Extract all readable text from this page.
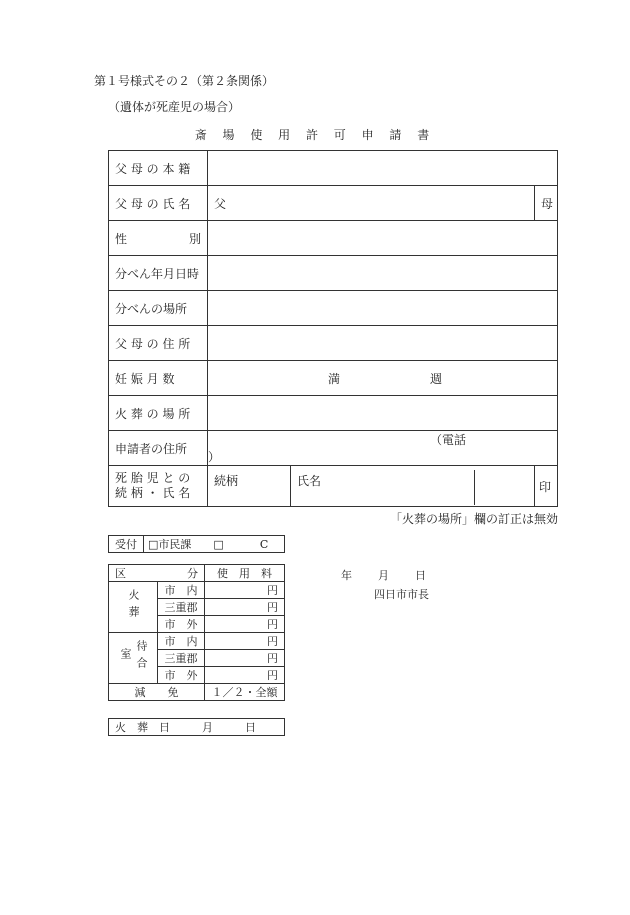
第１号様式その２（第２条関係）
（遺体が死産児の場合）
斎 場 使 用 許 可 申 請 書
父 母 の 本 籍			
父 母 の 氏 名	父		母

性 別			

分べん年月日時			
分べんの場所			
父 母 の 住 所			
妊 娠 月 数	満 週		
火 葬 の 場 所			
申請者の住所	（電話）		

死 胎 児 と の
続 柄 ・ 氏 名	続柄	氏名	印
「火葬の場所」欄の訂正は無効
受付	□市民課 □	C
区 分		使　用　料
火葬	市　内	円
	三重郡	円
	市　外	円
待合室	市　内	円
	三重郡	円
	市　外	円
減　　免		１／２・全額
火　葬　日	月	日
年 月 日
四日市市長
